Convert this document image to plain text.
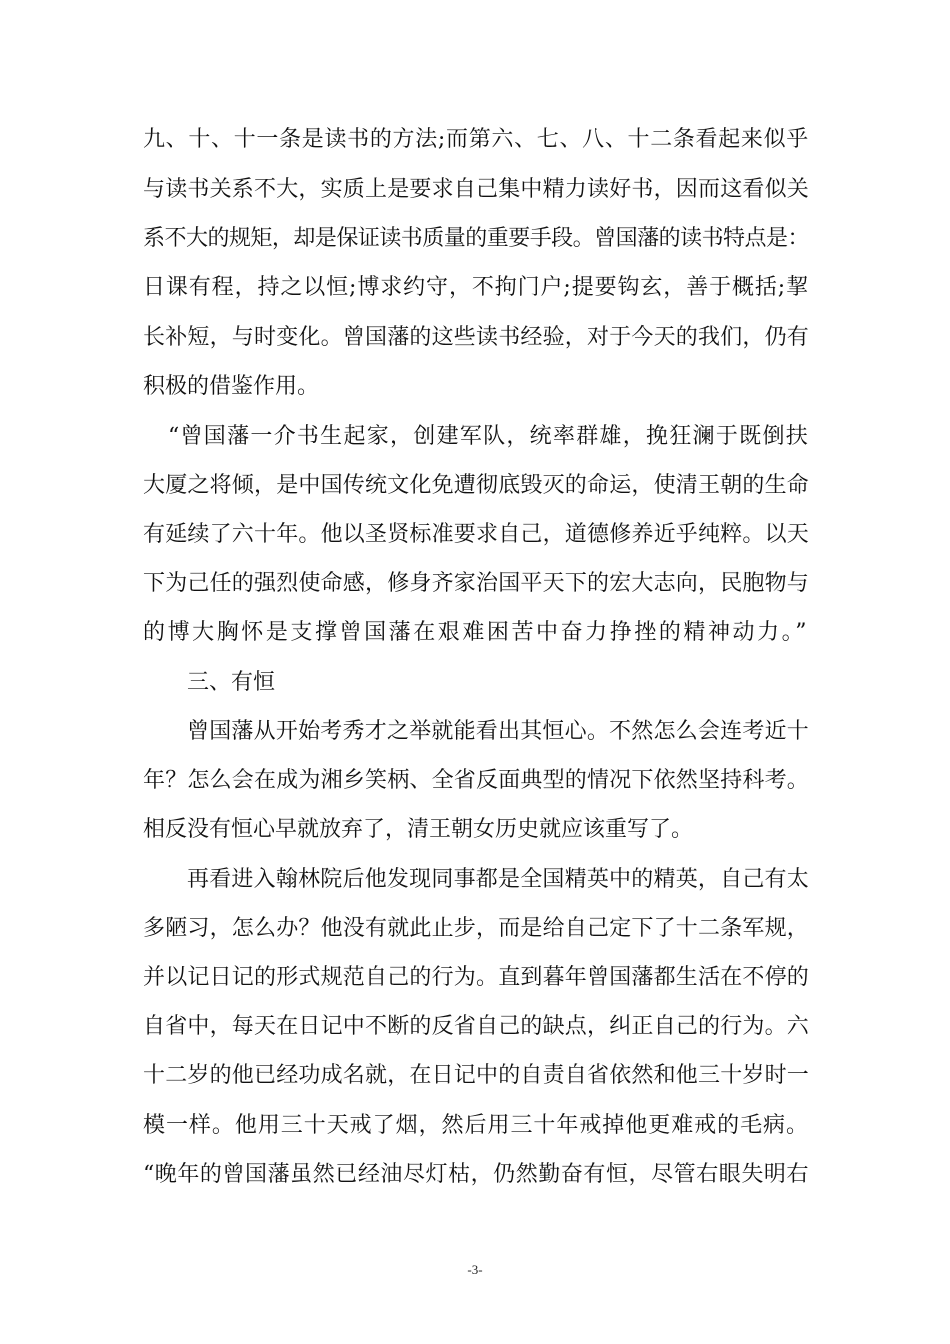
九、十、十一条是读书的方法;而第六、七、八、十二条看起来似乎
与读书关系不大，实质上是要求自己集中精力读好书，因而这看似关
系不大的规矩，却是保证读书质量的重要手段。曾国藩的读书特点是：
日课有程，持之以恒;博求约守，不拘门户;提要钩玄，善于概括;挈
长补短，与时变化。曾国藩的这些读书经验，对于今天的我们，仍有
积极的借鉴作用。
“曾国藩一介书生起家，创建军队，统率群雄，挽狂澜于既倒扶
大厦之将倾，是中国传统文化免遭彻底毁灭的命运，使清王朝的生命
有延续了六十年。他以圣贤标准要求自己，道德修养近乎纯粹。以天
下为己任的强烈使命感，修身齐家治国平天下的宏大志向，民胞物与
的博大胸怀是支撑曾国藩在艰难困苦中奋力挣挫的精神动力。”
三、有恒
曾国藩从开始考秀才之举就能看出其恒心。不然怎么会连考近十
年？怎么会在成为湘乡笑柄、全省反面典型的情况下依然坚持科考。
相反没有恒心早就放弃了，清王朝女历史就应该重写了。
再看进入翰林院后他发现同事都是全国精英中的精英，自己有太
多陋习，怎么办？他没有就此止步，而是给自己定下了十二条军规，
并以记日记的形式规范自己的行为。直到暮年曾国藩都生活在不停的
自省中，每天在日记中不断的反省自己的缺点，纠正自己的行为。六
十二岁的他已经功成名就，在日记中的自责自省依然和他三十岁时一
模一样。他用三十天戒了烟，然后用三十年戒掉他更难戒的毛病。
“晚年的曾国藩虽然已经油尽灯枯，仍然勤奋有恒，尽管右眼失明右
-3-
